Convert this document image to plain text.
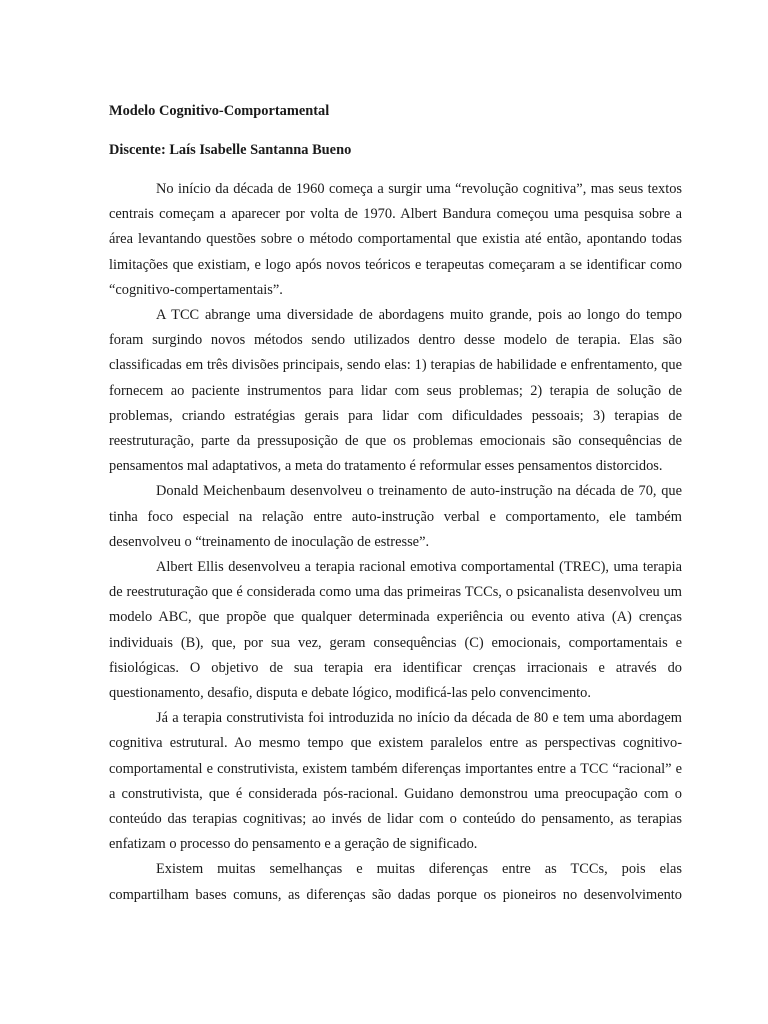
Modelo Cognitivo-Comportamental

Discente: Laís Isabelle Santanna Bueno

No início da década de 1960 começa a surgir uma “revolução cognitiva”, mas seus textos centrais começam a aparecer por volta de 1970. Albert Bandura começou uma pesquisa sobre a área levantando questões sobre o método comportamental que existia até então, apontando todas limitações que existiam, e logo após novos teóricos e terapeutas começaram a se identificar como “cognitivo-compertamentais”.

A TCC abrange uma diversidade de abordagens muito grande, pois ao longo do tempo foram surgindo novos métodos sendo utilizados dentro desse modelo de terapia. Elas são classificadas em três divisões principais, sendo elas: 1) terapias de habilidade e enfrentamento, que fornecem ao paciente instrumentos para lidar com seus problemas; 2) terapia de solução de problemas, criando estratégias gerais para lidar com dificuldades pessoais; 3) terapias de reestruturação, parte da pressuposição de que os problemas emocionais são consequências de pensamentos mal adaptativos, a meta do tratamento é reformular esses pensamentos distorcidos.

Donald Meichenbaum desenvolveu o treinamento de auto-instrução na década de 70, que tinha foco especial na relação entre auto-instrução verbal e comportamento, ele também desenvolveu o “treinamento de inoculação de estresse”.

Albert Ellis desenvolveu a terapia racional emotiva comportamental (TREC), uma terapia de reestruturação que é considerada como uma das primeiras TCCs, o psicanalista desenvolveu um modelo ABC, que propõe que qualquer determinada experiência ou evento ativa (A) crenças individuais (B), que, por sua vez, geram consequências (C) emocionais, comportamentais e fisiológicas. O objetivo de sua terapia era identificar crenças irracionais e através do questionamento, desafio, disputa e debate lógico, modificá-las pelo convencimento.

Já a terapia construtivista foi introduzida no início da década de 80 e tem uma abordagem cognitiva estrutural. Ao mesmo tempo que existem paralelos entre as perspectivas cognitivo-comportamental e construtivista, existem também diferenças importantes entre a TCC “racional” e a construtivista, que é considerada pós-racional. Guidano demonstrou uma preocupação com o conteúdo das terapias cognitivas; ao invés de lidar com o conteúdo do pensamento, as terapias enfatizam o processo do pensamento e a geração de significado.

Existem muitas semelhanças e muitas diferenças entre as TCCs, pois elas
compartilham bases comuns, as diferenças são dadas porque os pioneiros no desenvolvimento
